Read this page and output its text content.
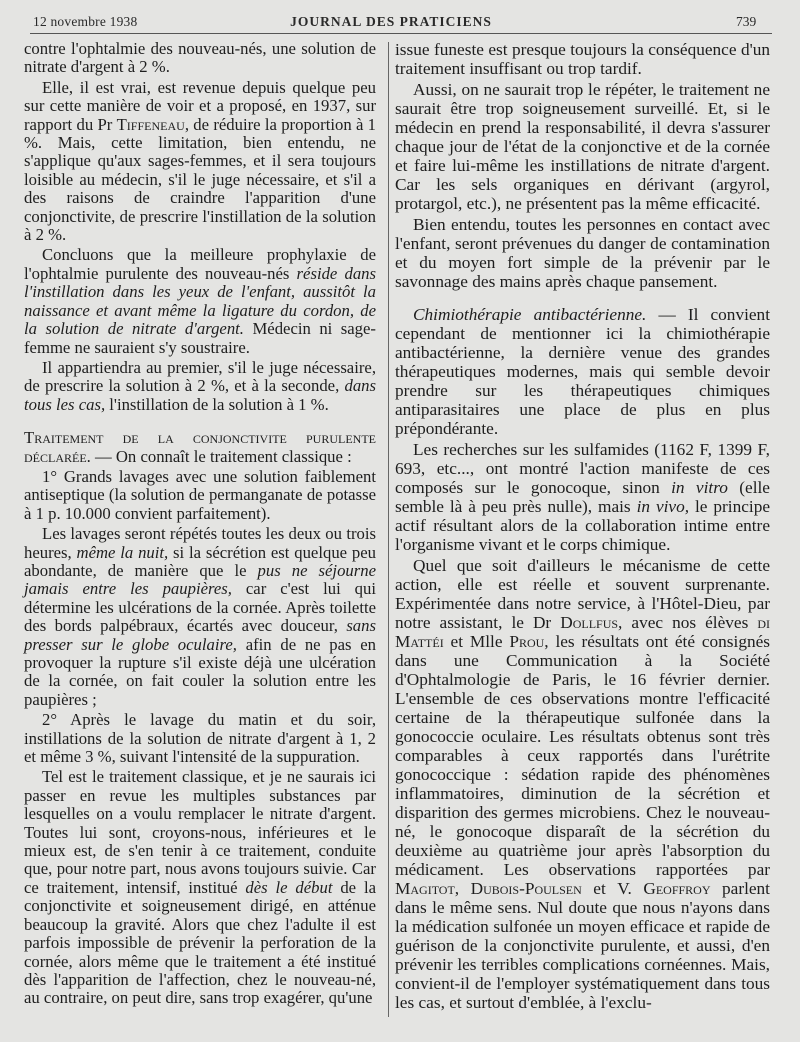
12 novembre 1938	JOURNAL DES PRATICIENS	739

contre l'ophtalmie des nouveau-nés, une solution de nitrate d'argent à 2 %.

Elle, il est vrai, est revenue depuis quelque peu sur cette manière de voir et a proposé, en 1937, sur rapport du Pr Tiffeneau, de réduire la proportion à 1 %. Mais, cette limitation, bien entendu, ne s'applique qu'aux sages-femmes, et il sera toujours loisible au médecin, s'il le juge nécessaire, et s'il a des raisons de craindre l'apparition d'une conjonctivite, de prescrire l'instillation de la solution à 2 %.

Concluons que la meilleure prophylaxie de l'ophtalmie purulente des nouveau-nés réside dans l'instillation dans les yeux de l'enfant, aussitôt la naissance et avant même la ligature du cordon, de la solution de nitrate d'argent. Médecin ni sage-femme ne sauraient s'y soustraire.

Il appartiendra au premier, s'il le juge nécessaire, de prescrire la solution à 2 %, et à la seconde, dans tous les cas, l'instillation de la solution à 1 %.

Traitement de la conjonctivite purulente déclarée. — On connaît le traitement classique :

1° Grands lavages avec une solution faiblement antiseptique (la solution de permanganate de potasse à 1 p. 10.000 convient parfaitement).

Les lavages seront répétés toutes les deux ou trois heures, même la nuit, si la sécrétion est quelque peu abondante, de manière que le pus ne séjourne jamais entre les paupières, car c'est lui qui détermine les ulcérations de la cornée. Après toilette des bords palpébraux, écartés avec douceur, sans presser sur le globe oculaire, afin de ne pas en provoquer la rupture s'il existe déjà une ulcération de la cornée, on fait couler la solution entre les paupières ;

2° Après le lavage du matin et du soir, instillations de la solution de nitrate d'argent à 1, 2 et même 3 %, suivant l'intensité de la suppuration.

Tel est le traitement classique, et je ne saurais ici passer en revue les multiples substances par lesquelles on a voulu remplacer le nitrate d'argent. Toutes lui sont, croyons-nous, inférieures et le mieux est, de s'en tenir à ce traitement, conduite que, pour notre part, nous avons toujours suivie. Car ce traitement, intensif, institué dès le début de la conjonctivite et soigneusement dirigé, en atténue beaucoup la gravité. Alors que chez l'adulte il est parfois impossible de prévenir la perforation de la cornée, alors même que le traitement a été institué dès l'apparition de l'affection, chez le nouveau-né, au contraire, on peut dire, sans trop exagérer, qu'une

issue funeste est presque toujours la conséquence d'un traitement insuffisant ou trop tardif.

Aussi, on ne saurait trop le répéter, le traitement ne saurait être trop soigneusement surveillé. Et, si le médecin en prend la responsabilité, il devra s'assurer chaque jour de l'état de la conjonctive et de la cornée et faire lui-même les instillations de nitrate d'argent. Car les sels organiques en dérivant (argyrol, protargol, etc.), ne présentent pas la même efficacité.

Bien entendu, toutes les personnes en contact avec l'enfant, seront prévenues du danger de contamination et du moyen fort simple de la prévenir par le savonnage des mains après chaque pansement.

Chimiothérapie antibactérienne. — Il convient cependant de mentionner ici la chimiothérapie antibactérienne, la dernière venue des grandes thérapeutiques modernes, mais qui semble devoir prendre sur les thérapeutiques chimiques antiparasitaires une place de plus en plus prépondérante.

Les recherches sur les sulfamides (1162 F, 1399 F, 693, etc..., ont montré l'action manifeste de ces composés sur le gonocoque, sinon in vitro (elle semble là à peu près nulle), mais in vivo, le principe actif résultant alors de la collaboration intime entre l'organisme vivant et le corps chimique.

Quel que soit d'ailleurs le mécanisme de cette action, elle est réelle et souvent surprenante. Expérimentée dans notre service, à l'Hôtel-Dieu, par notre assistant, le Dr Dollfus, avec nos élèves di Mattéi et Mlle Prou, les résultats ont été consignés dans une Communication à la Société d'Ophtalmologie de Paris, le 16 février dernier. L'ensemble de ces observations montre l'efficacité certaine de la thérapeutique sulfonée dans la gonococcie oculaire. Les résultats obtenus sont très comparables à ceux rapportés dans l'urétrite gonococcique : sédation rapide des phénomènes inflammatoires, diminution de la sécrétion et disparition des germes microbiens. Chez le nouveau-né, le gonocoque disparaît de la sécrétion du deuxième au quatrième jour après l'absorption du médicament. Les observations rapportées par Magitot, Dubois-Poulsen et V. Geoffroy parlent dans le même sens. Nul doute que nous n'ayons dans la médication sulfonée un moyen efficace et rapide de guérison de la conjonctivite purulente, et aussi, d'en prévenir les terribles complications cornéennes. Mais, convient-il de l'employer systématiquement dans tous les cas, et surtout d'emblée, à l'exclu-
